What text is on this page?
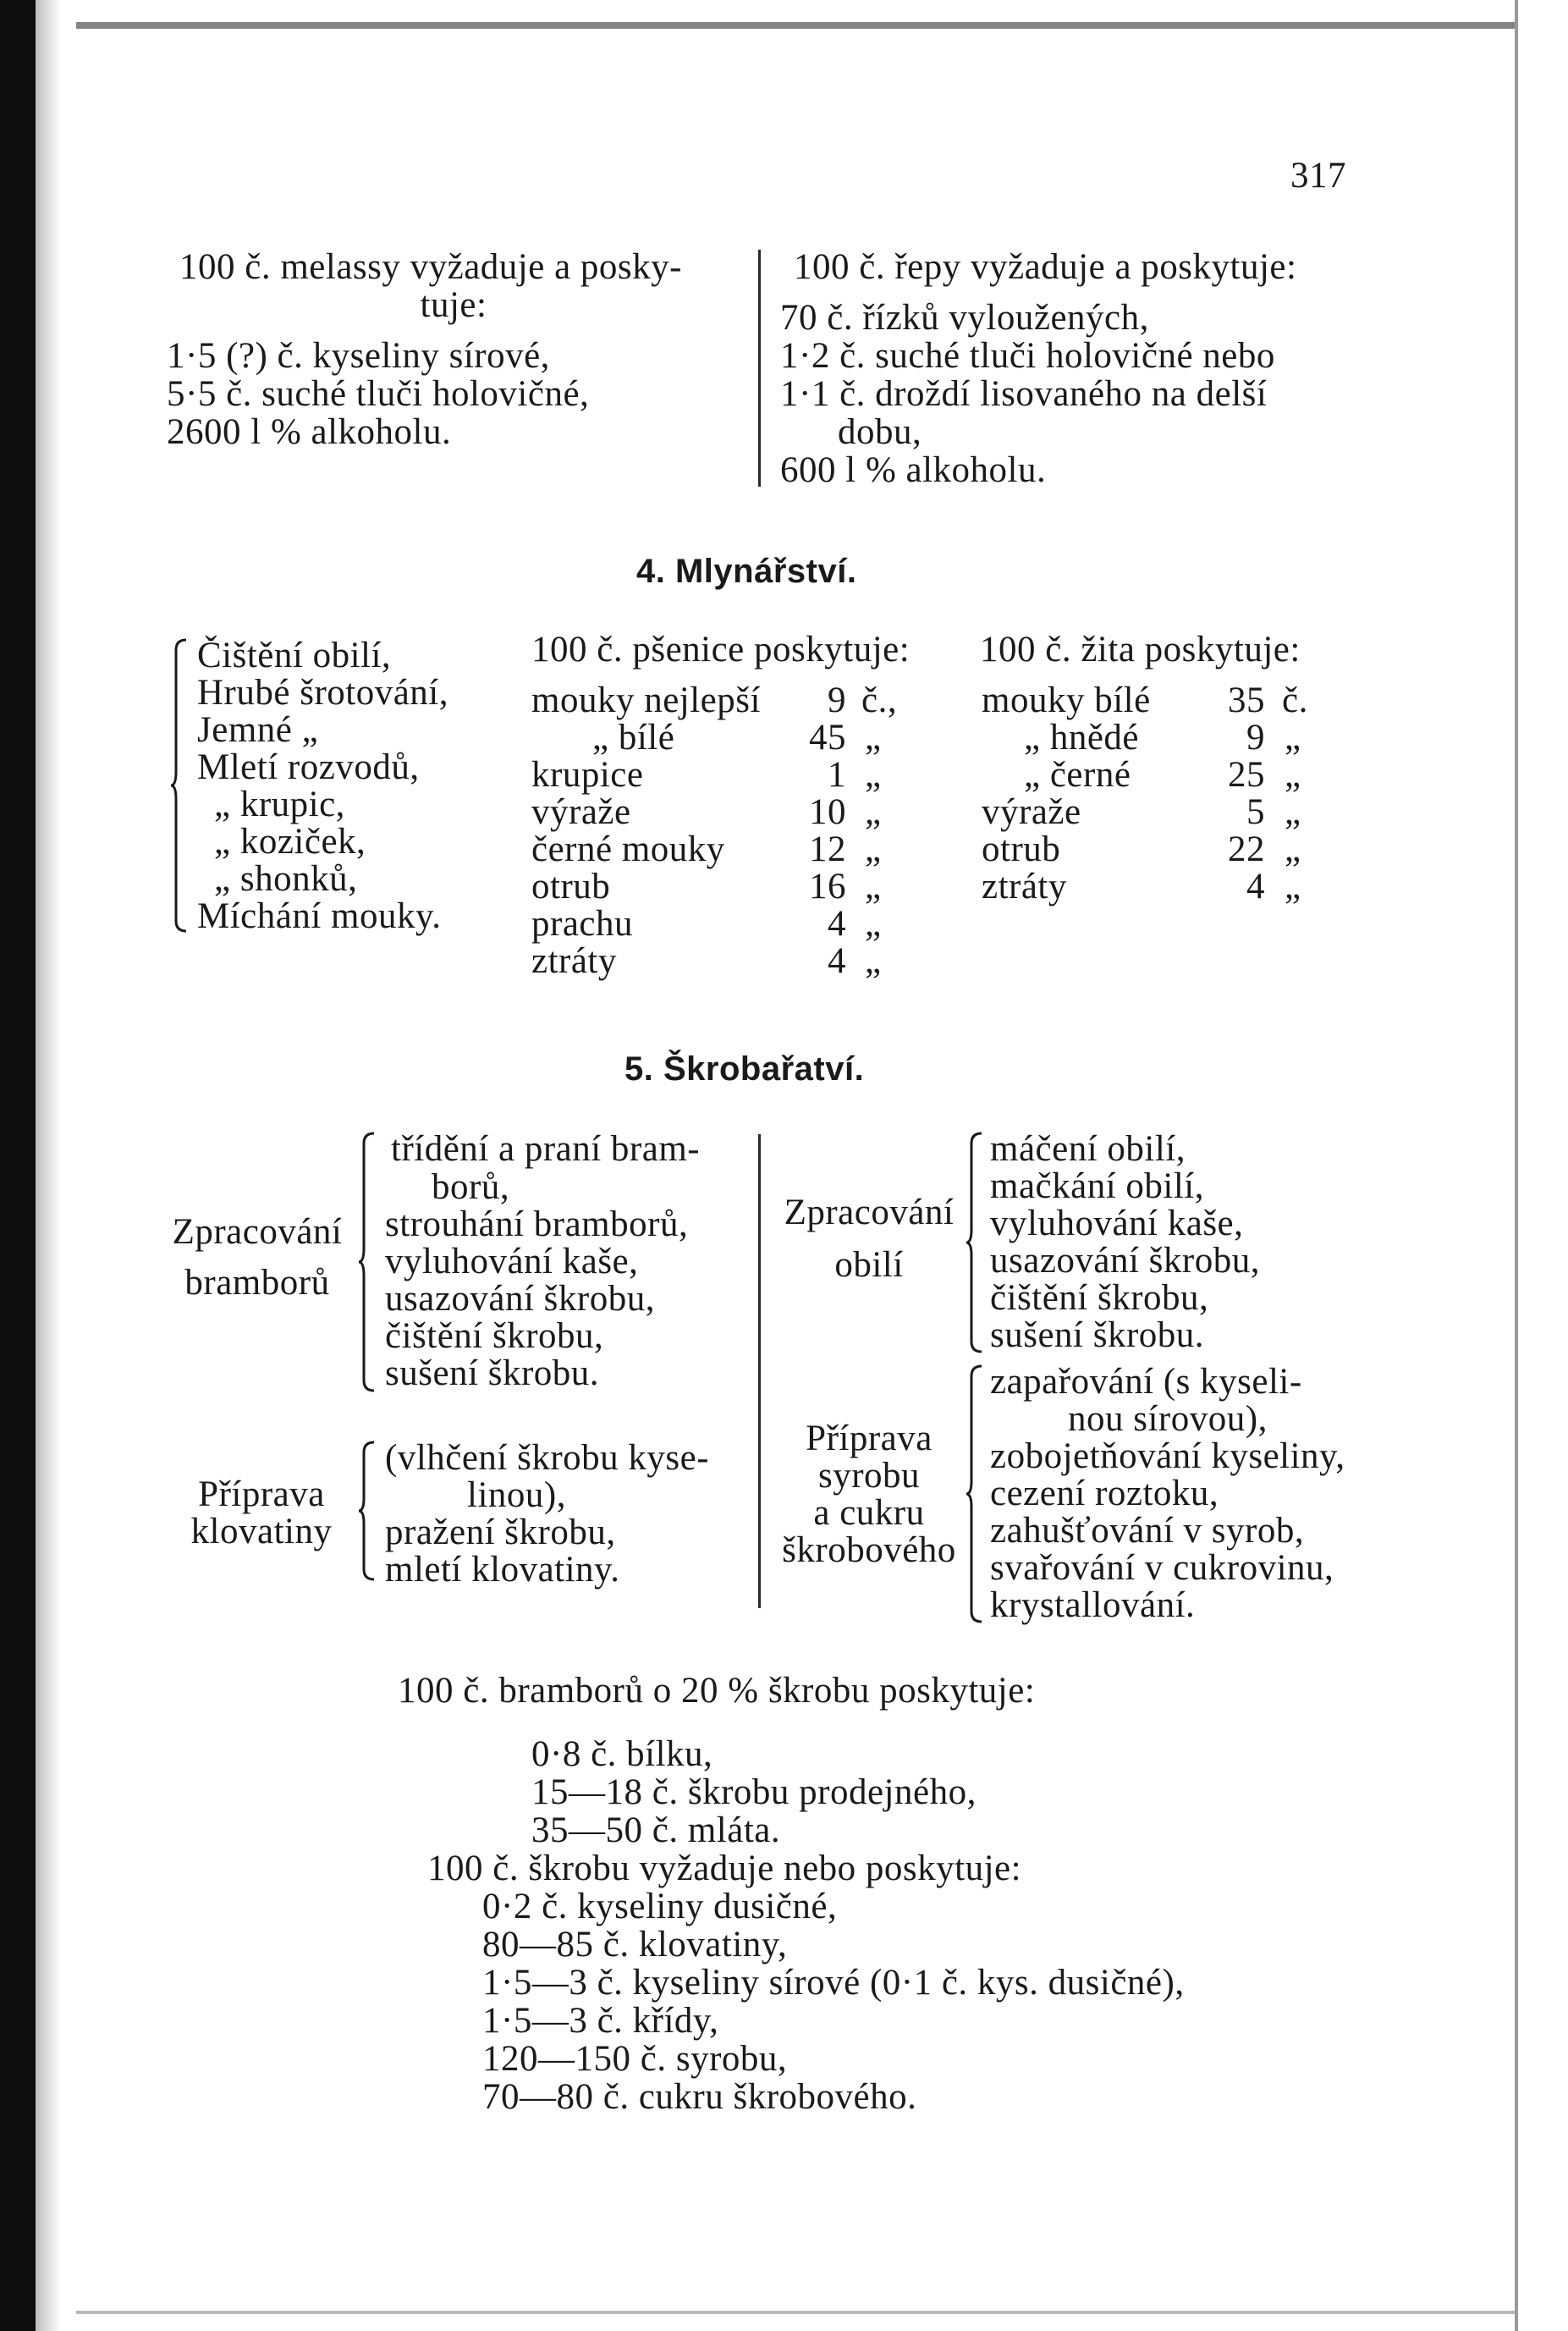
317
100 č. melassy vyžaduje a posky-
tuje:
1·5 (?) č. kyseliny sírové,
5·5 č. suché tluči holovičné,
2600 l % alkoholu.
100 č. řepy vyžaduje a poskytuje:
70 č. řízků vyloužených,
1·2 č. suché tluči holovičné nebo
1·1 č. droždí lisovaného na delší
dobu,
600 l % alkoholu.
4. Mlynářství.
Čištění obilí,
Hrubé šrotování,
Jemné „
Mletí rozvodů,
„ krupic,
„ koziček,
„ shonků,
Míchání mouky.
100 č. pšenice poskytuje:
mouky nejlepší	9 č.,
„ bílé	45 „
krupice	1 „
výraže	10 „
černé mouky	12 „
otrub	16 „
prachu	4 „
ztráty	4 „
100 č. žita poskytuje:
mouky bílé	35 č.
„ hnědé	9 „
„ černé	25 „
výraže	5 „
otrub	22 „
ztráty	4 „
5. Škrobařatví.
Zpracování
bramborů
třídění a praní bram-
borů,
strouhání bramborů,
vyluhování kaše,
usazování škrobu,
čištění škrobu,
sušení škrobu.
Příprava
klovatiny
(vlhčení škrobu kyse-
linou),
pražení škrobu,
mletí klovatiny.
Zpracování
obilí
máčení obilí,
mačkání obilí,
vyluhování kaše,
usazování škrobu,
čištění škrobu,
sušení škrobu.
Příprava
syrobu
a cukru
škrobového
zapařování (s kyseli-
nou sírovou),
zobojetňování kyseliny,
cezení roztoku,
zahušťování v syrob,
svařování v cukrovinu,
krystallování.
100 č. bramborů o 20 % škrobu poskytuje:
0·8 č. bílku,
15—18 č. škrobu prodejného,
35—50 č. mláta.
100 č. škrobu vyžaduje nebo poskytuje:
0·2 č. kyseliny dusičné,
80—85 č. klovatiny,
1·5—3 č. kyseliny sírové (0·1 č. kys. dusičné),
1·5—3 č. křídy,
120—150 č. syrobu,
70—80 č. cukru škrobového.
